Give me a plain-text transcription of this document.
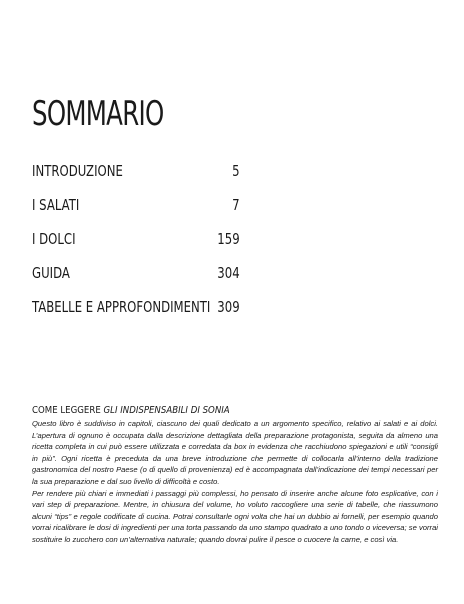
SOMMARIO
INTRODUZIONE	5
I SALATI	7
I DOLCI	159
GUIDA	304
TABELLE E APPROFONDIMENTI 309
COME LEGGERE GLI INDISPENSABILI DI SONIA

Questo libro è suddiviso in capitoli, ciascuno dei quali dedicato a un argomento specifico, relativo ai salati e ai dolci. L’apertura di ognuno è occupata dalla descrizione dettagliata della preparazione protagonista, seguita da almeno una ricetta completa in cui può essere utilizzata e corredata da box in evidenza che racchiudono spiegazioni e utili “consigli in più”. Ogni ricetta è preceduta da una breve introduzione che permette di collocarla all’interno della tradizione gastronomica del nostro Paese (o di quello di provenienza) ed è accompagnata dall’indicazione dei tempi necessari per la sua preparazione e dal suo livello di difficoltà e costo.

Per rendere più chiari e immediati i passaggi più complessi, ho pensato di inserire anche alcune foto esplicative, con i vari step di preparazione. Mentre, in chiusura del volume, ho voluto raccogliere una serie di tabelle, che riassumono alcuni “tips” e regole codificate di cucina. Potrai consultarle ogni volta che hai un dubbio ai fornelli, per esempio quando vorrai ricalibrare le dosi di ingredienti per una torta passando da uno stampo quadrato a uno tondo o viceversa; se vorrai sostituire lo zucchero con un’alternativa naturale; quando dovrai pulire il pesce o cuocere la carne, e così via.
